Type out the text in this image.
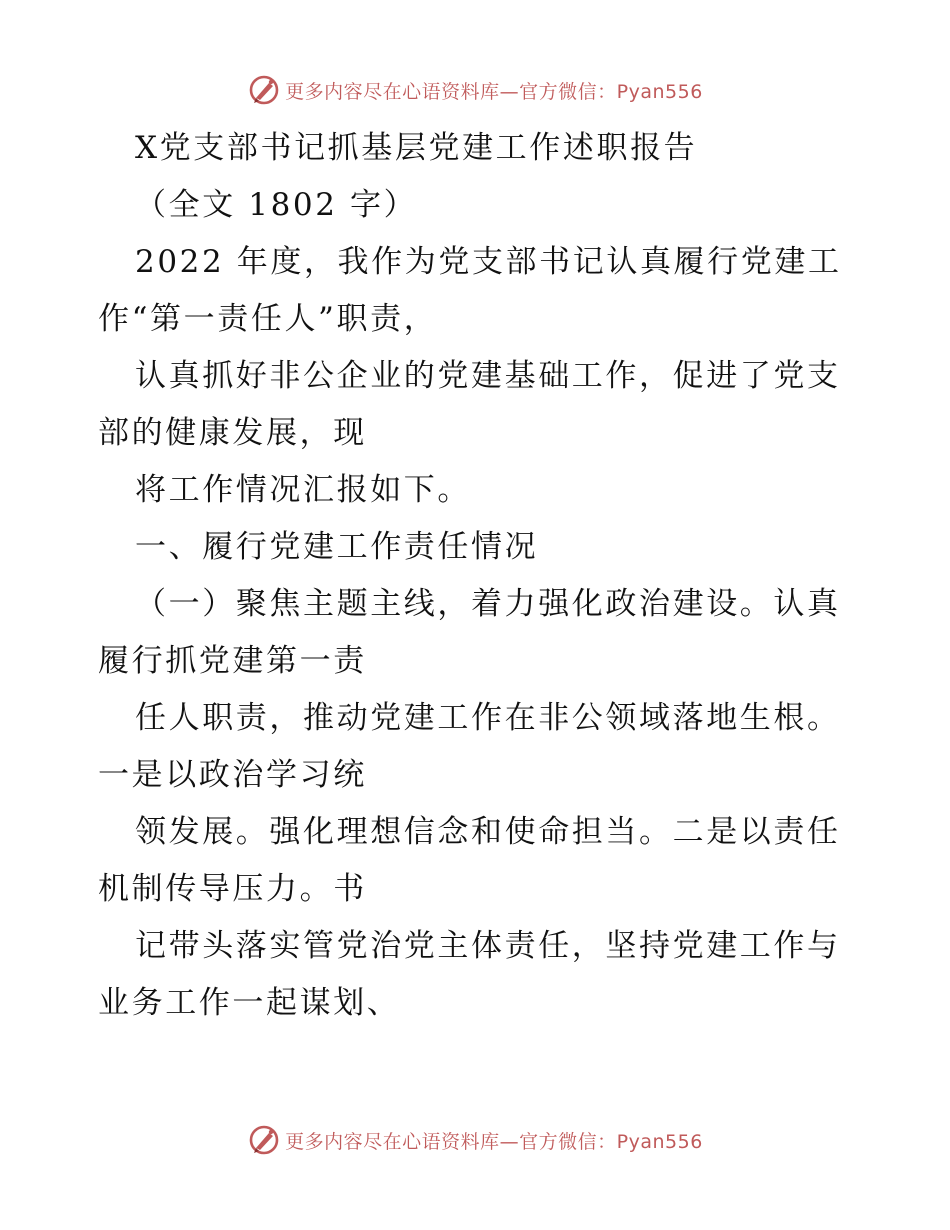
更多内容尽在心语资料库—官方微信：Pyan556

X党支部书记抓基层党建工作述职报告

（全文 1802 字）

2022 年度，我作为党支部书记认真履行党建工作“第一责任人”职责，

认真抓好非公企业的党建基础工作，促进了党支部的健康发展，现

将工作情况汇报如下。

一、履行党建工作责任情况

（一）聚焦主题主线，着力强化政治建设。认真履行抓党建第一责

任人职责，推动党建工作在非公领域落地生根。一是以政治学习统

领发展。强化理想信念和使命担当。二是以责任机制传导压力。书

记带头落实管党治党主体责任，坚持党建工作与业务工作一起谋划、

更多内容尽在心语资料库—官方微信：Pyan556
